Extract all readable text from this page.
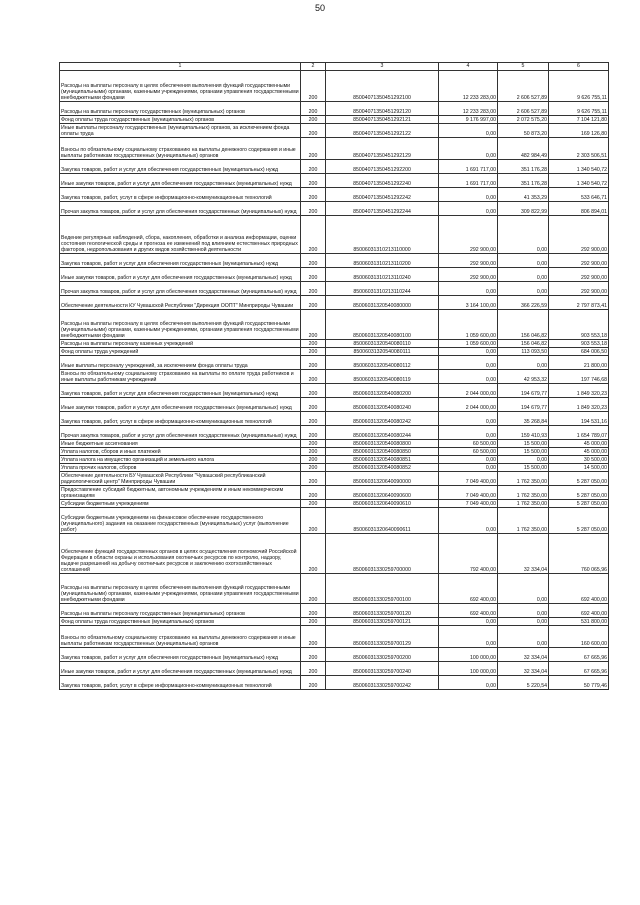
50
1	2	3	4	5	6
Расходы на выплаты персоналу в целях обеспечения выполнения функций государственными (муниципальными) органами, казенными учреждениями, органами управления государственными внебюджетными фондами	200	85004071350451292100	12 233 283,00	2 606 527,89	9 626 755,11
Расходы на выплаты персоналу государственных (муниципальных) органов	200	85004071350451292120	12 233 283,00	2 606 527,89	9 626 755,11
Фонд оплаты труда государственных (муниципальных) органов	200	85004071350451292121	9 176 997,00	2 072 575,20	7 104 121,80
Иные выплаты персоналу государственных (муниципальных) органов, за исключением фонда оплаты труда	200	85004071350451292122	0,00	50 873,20	169 126,80
Взносы по обязательному социальному страхованию на выплаты денежного содержания и иные выплаты работникам государственных (муниципальных) органов	200	85004071350451292129	0,00	482 984,49	2 303 506,51
Закупка товаров, работ и услуг для обеспечения государственных (муниципальных) нужд	200	85004071350451292200	1 691 717,00	351 176,28	1 340 540,72
Иные закупки товаров, работ и услуг для обеспечения государственных (муниципальных) нужд	200	85004071350451292240	1 691 717,00	351 176,28	1 340 540,72
Закупка товаров, работ, услуг в сфере информационно-коммуникационных технологий	200	85004071350451292242	0,00	41 353,29	533 646,71
Прочая закупка товаров, работ и услуг для обеспечения государственных (муниципальных) нужд	200	85004071350451292244	0,00	309 822,99	806 894,01
Ведение регулярных наблюдений, сбора, накопления, обработки и анализа информации, оценки состояния геологической среды и прогноза ее изменений под влиянием естественных природных факторов, недропользования и других видов хозяйственной деятельности	200	85006031310213110000	292 900,00	0,00	292 900,00
Закупка товаров, работ и услуг для обеспечения государственных (муниципальных) нужд	200	85006031310213110200	292 900,00	0,00	292 900,00
Иные закупки товаров, работ и услуг для обеспечения государственных (муниципальных) нужд	200	85006031310213110240	292 900,00	0,00	292 900,00
Прочая закупка товаров, работ и услуг для обеспечения государственных (муниципальных) нужд	200	85006031310213110244	0,00	0,00	292 900,00
Обеспечение деятельности КУ Чувашской Республики "Дирекция ООПТ" Минприроды Чувашии	200	85006031320540080000	3 164 100,00	366 226,59	2 797 873,41
Расходы на выплаты персоналу в целях обеспечения выполнения функций государственными (муниципальными) органами, казенными учреждениями, органами управления государственными внебюджетными фондами	200	85006031320540080100	1 059 600,00	156 046,82	903 553,18
Расходы на выплаты персоналу казенных учреждений	200	85006031320540080110	1 059 600,00	156 046,82	903 553,18
Фонд оплаты труда учреждений	200	85006031320540080111	0,00	113 093,50	684 006,50
Иные выплаты персоналу учреждений, за исключением фонда оплаты труда	200	85006031320540080112	0,00	0,00	21 800,00
Взносы по обязательному социальному страхованию на выплаты по оплате труда работников и иные выплаты работникам учреждений	200	85006031320540080119	0,00	42 953,32	197 746,68
Закупка товаров, работ и услуг для обеспечения государственных (муниципальных) нужд	200	85006031320540080200	2 044 000,00	194 679,77	1 849 320,23
Иные закупки товаров, работ и услуг для обеспечения государственных (муниципальных) нужд	200	85006031320540080240	2 044 000,00	194 679,77	1 849 320,23
Закупка товаров, работ, услуг в сфере информационно-коммуникационных технологий	200	85006031320540080242	0,00	35 268,84	194 531,16
Прочая закупка товаров, работ и услуг для обеспечения государственных (муниципальных) нужд	200	85006031320540080244	0,00	159 410,93	1 654 789,07
Иные бюджетные ассигнования	200	85006031320540080800	60 500,00	15 500,00	45 000,00
Уплата налогов, сборов и иных платежей	200	85006031320540080850	60 500,00	15 500,00	45 000,00
Уплата налога на имущество организаций и земельного налога	200	85006031320540080851	0,00	0,00	30 500,00
Уплата прочих налогов, сборов	200	85006031320540080852	0,00	15 500,00	14 500,00
Обеспечение деятельности БУ Чувашской Республики "Чувашский республиканский радиологический центр" Минприроды Чувашии	200	85006031320640090000	7 049 400,00	1 762 350,00	5 287 050,00
Предоставление субсидий бюджетным, автономным учреждениям и иным некоммерческим организациям	200	85006031320640090600	7 049 400,00	1 762 350,00	5 287 050,00
Субсидии бюджетным учреждениям	200	85006031320640090610	7 049 400,00	1 762 350,00	5 287 050,00
Субсидии бюджетным учреждениям на финансовое обеспечение государственного (муниципального) задания на оказание государственных (муниципальных) услуг (выполнение работ)	200	85006031320640090611	0,00	1 762 350,00	5 287 050,00
Обеспечение функций государственных органов в целях осуществления полномочий Российской Федерации в области охраны и использования охотничьих ресурсов по контролю, надзору, выдаче разрешений на добычу охотничьих ресурсов и заключению охотхозяйственных соглашений	200	85006031330259700000	792 400,00	32 334,04	760 065,96
Расходы на выплаты персоналу в целях обеспечения выполнения функций государственными (муниципальными) органами, казенными учреждениями, органами управления государственными внебюджетными фондами	200	85006031330259700100	692 400,00	0,00	692 400,00
Расходы на выплаты персоналу государственных (муниципальных) органов	200	85006031330259700120	692 400,00	0,00	692 400,00
Фонд оплаты труда государственных (муниципальных) органов	200	85006031330259700121	0,00	0,00	531 800,00
Взносы по обязательному социальному страхованию на выплаты денежного содержания и иные выплаты работникам государственных (муниципальных) органов	200	85006031330259700129	0,00	0,00	160 600,00
Закупка товаров, работ и услуг для обеспечения государственных (муниципальных) нужд	200	85006031330259700200	100 000,00	32 334,04	67 665,96
Иные закупки товаров, работ и услуг для обеспечения государственных (муниципальных) нужд	200	85006031330259700240	100 000,00	32 334,04	67 665,96
Закупка товаров, работ, услуг в сфере информационно-коммуникационных технологий	200	85006031330259700242	0,00	5 220,54	50 779,46
